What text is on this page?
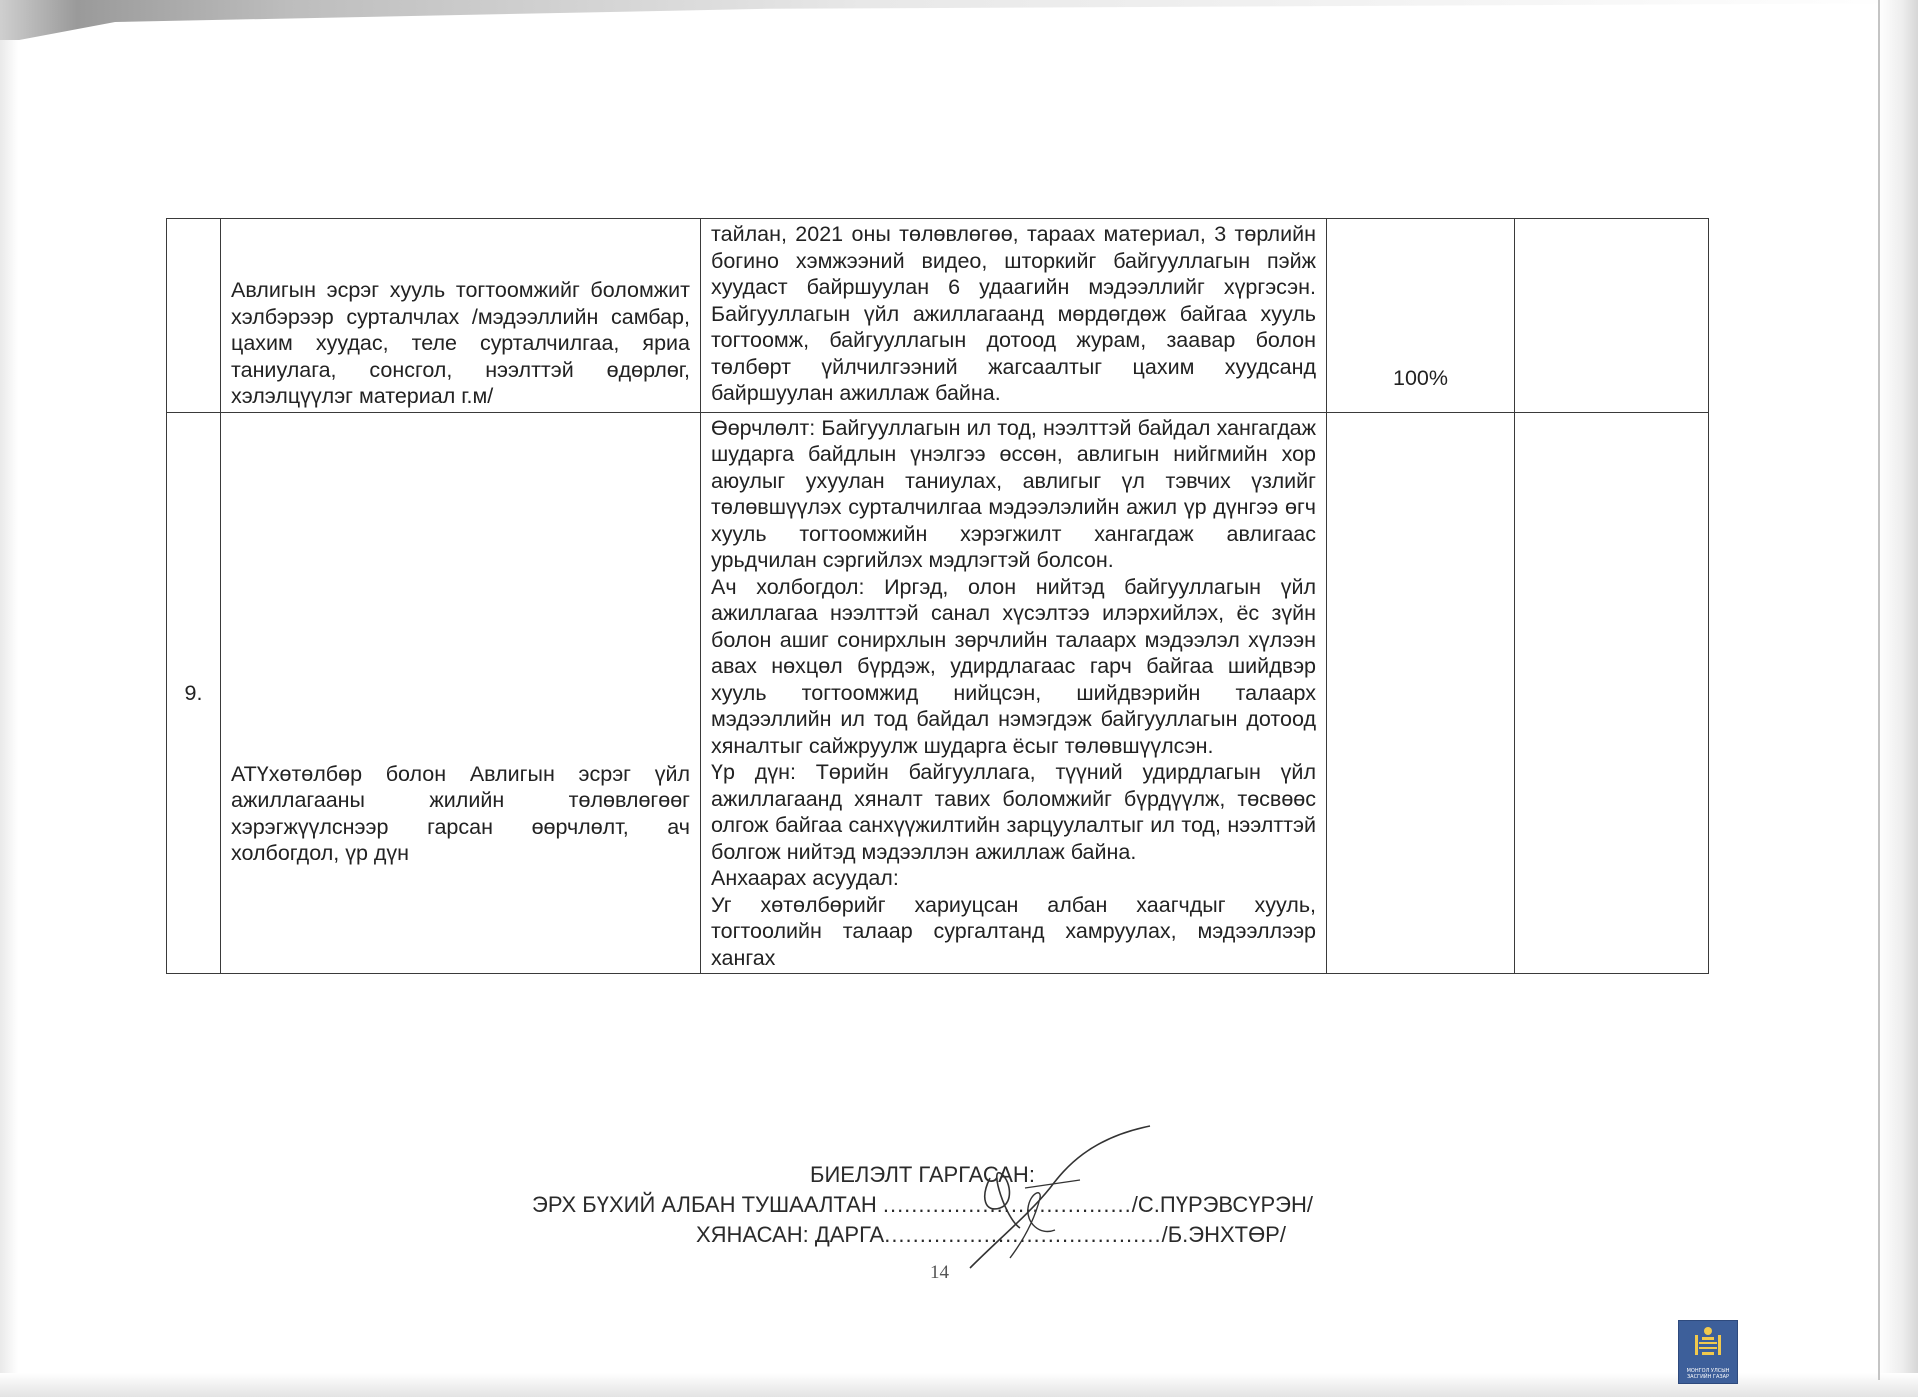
	Авлигын эсрэг хууль тогтоомжийг боломжит хэлбэрээр сурталчлах /мэдээллийн самбар, цахим хуудас, теле сурталчилгаа, яриа таниулага, сонсгол, нээлттэй өдөрлөг, хэлэлцүүлэг материал г.м/	тайлан, 2021 оны төлөвлөгөө, тараах материал, 3 төрлийн богино хэмжээний видео, шторкийг байгууллагын пэйж хуудаст байршуулан 6 удаагийн мэдээллийг хүргэсэн. Байгууллагын үйл ажиллагаанд мөрдөгдөж байгаа хууль тогтоомж, байгууллагын дотоод журам, заавар болон төлбөрт үйлчилгээний жагсаалтыг цахим хуудсанд байршуулан ажиллаж байна.	100%	
9.	АТҮхөтөлбөр болон Авлигын эсрэг үйл ажиллагааны жилийн төлөвлөгөөг хэрэгжүүлснээр гарсан өөрчлөлт, ач холбогдол, үр дүн	Өөрчлөлт: Байгууллагын ил тод, нээлттэй байдал хангагдаж шударга байдлын үнэлгээ өссөн, авлигын нийгмийн хор аюулыг ухуулан таниулах, авлигыг үл тэвчих үзлийг төлөвшүүлэх сурталчилгаа мэдээлэлийн ажил үр дүнгээ өгч хууль тогтоомжийн хэрэгжилт хангагдаж авлигаас урьдчилан сэргийлэх мэдлэгтэй болсон.
Ач холбогдол: Иргэд, олон нийтэд байгууллагын үйл ажиллагаа нээлттэй санал хүсэлтээ илэрхийлэх, ёс зүйн болон ашиг сонирхлын зөрчлийн талаарх мэдээлэл хүлээн авах нөхцөл бүрдэж, удирдлагаас гарч байгаа шийдвэр хууль тогтоомжид нийцсэн, шийдвэрийн талаарх мэдээллийн ил тод байдал нэмэгдэж байгууллагын дотоод хяналтыг сайжруулж шударга ёсыг төлөвшүүлсэн.
Үр дүн: Төрийн байгууллага, түүний удирдлагын үйл ажиллагаанд хяналт тавих боломжийг бүрдүүлж, төсвөөс олгож байгаа санхүүжилтийн зарцуулалтыг ил тод, нээлттэй болгож нийтэд мэдээллэн ажиллаж байна.
Анхаарах асуудал:
Уг хөтөлбөрийг хариуцсан албан хаагчдыг хууль, тогтоолийн талаар сургалтанд хамруулах, мэдээллээр хангах		

БИЕЛЭЛТ ГАРГАСАН:
ЭРХ БҮХИЙ АЛБАН ТУШААЛТАН .................................../С.ПҮРЭВСҮРЭН/
ХЯНАСАН: ДАРГА......................................./Б.ЭНХТӨР/
14
МОНГОЛ УЛСЫН ЗАСГИЙН ГАЗАР
